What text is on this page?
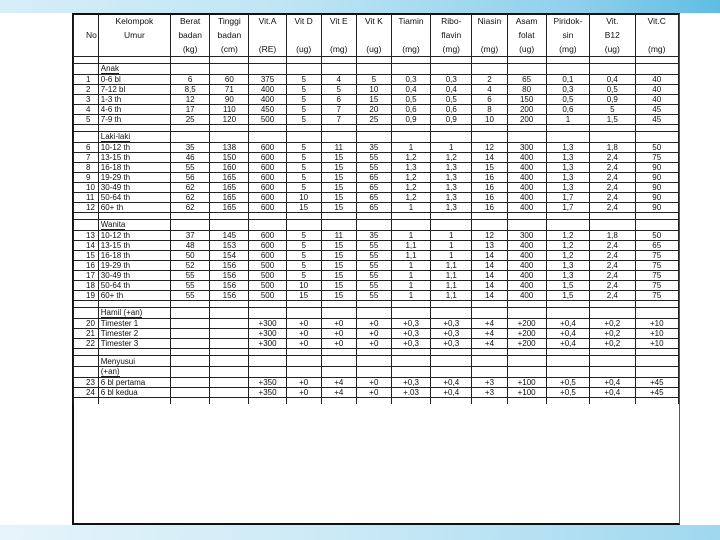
	Kelompok	Berat	Tinggi	Vit.A	Vit D	Vit E	Vit K	Tiamin	Ribo-	Niasin	Asam	Piridok-	Vit.	Vit.C
No	Umur	badan	badan						flavin		folat	sin	B12	
		(kg)	(cm)	(RE)	(ug)	(mg)	(ug)	(mg)	(mg)	(mg)	(ug)	(mg)	(ug)	(mg)

	Anak													
1	0-6 bl	6	60	375	5	4	5	0,3	0,3	2	65	0,1	0,4	40
2	7-12 bl	8,5	71	400	5	5	10	0,4	0,4	4	80	0,3	0,5	40
3	1-3 th	12	90	400	5	6	15	0,5	0,5	6	150	0,5	0,9	40
4	4-6 th	17	110	450	5	7	20	0,6	0,6	8	200	0,6	5	45
5	7-9 th	25	120	500	5	7	25	0,9	0,9	10	200	1	1,5	45

	Laki-laki													
6	10-12 th	35	138	600	5	11	35	1	1	12	300	1,3	1,8	50
7	13-15 th	46	150	600	5	15	55	1,2	1,2	14	400	1,3	2,4	75
8	16-18 th	55	160	600	5	15	55	1,3	1,3	15	400	1,3	2,4	90
9	19-29 th	56	165	600	5	15	65	1,2	1,3	16	400	1,3	2,4	90
10	30-49 th	62	165	600	5	15	65	1,2	1,3	16	400	1,3	2,4	90
11	50-64 th	62	165	600	10	15	65	1,2	1,3	16	400	1,7	2,4	90
12	60+ th	62	165	600	15	15	65	1	1,3	16	400	1,7	2,4	90

	Wanita													
13	10-12 th	37	145	600	5	11	35	1	1	12	300	1,2	1,8	50
14	13-15 th	48	153	600	5	15	55	1,1	1	13	400	1,2	2,4	65
15	16-18 th	50	154	600	5	15	55	1,1	1	14	400	1,2	2,4	75
16	19-29 th	52	156	500	5	15	55	1	1,1	14	400	1,3	2,4	75
17	30-49 th	55	156	500	5	15	55	1	1,1	14	400	1,3	2,4	75
18	50-64 th	55	156	500	10	15	55	1	1,1	14	400	1,5	2,4	75
19	60+ th	55	156	500	15	15	55	1	1,1	14	400	1,5	2,4	75

	Hamil (+an)													
20	Timester 1			+300	+0	+0	+0	+0,3	+0,3	+4	+200	+0,4	+0,2	+10
21	Timester 2			+300	+0	+0	+0	+0,3	+0,3	+4	+200	+0,4	+0,2	+10
22	Timester 3			+300	+0	+0	+0	+0,3	+0,3	+4	+200	+0,4	+0,2	+10

	Menyusui													
	(+an)													
23	6 bl pertama			+350	+0	+4	+0	+0,3	+0,4	+3	+100	+0,5	+0,4	+45
24	6 bl kedua			+350	+0	+4	+0	+.03	+0,4	+3	+100	+0,5	+0,4	+45
